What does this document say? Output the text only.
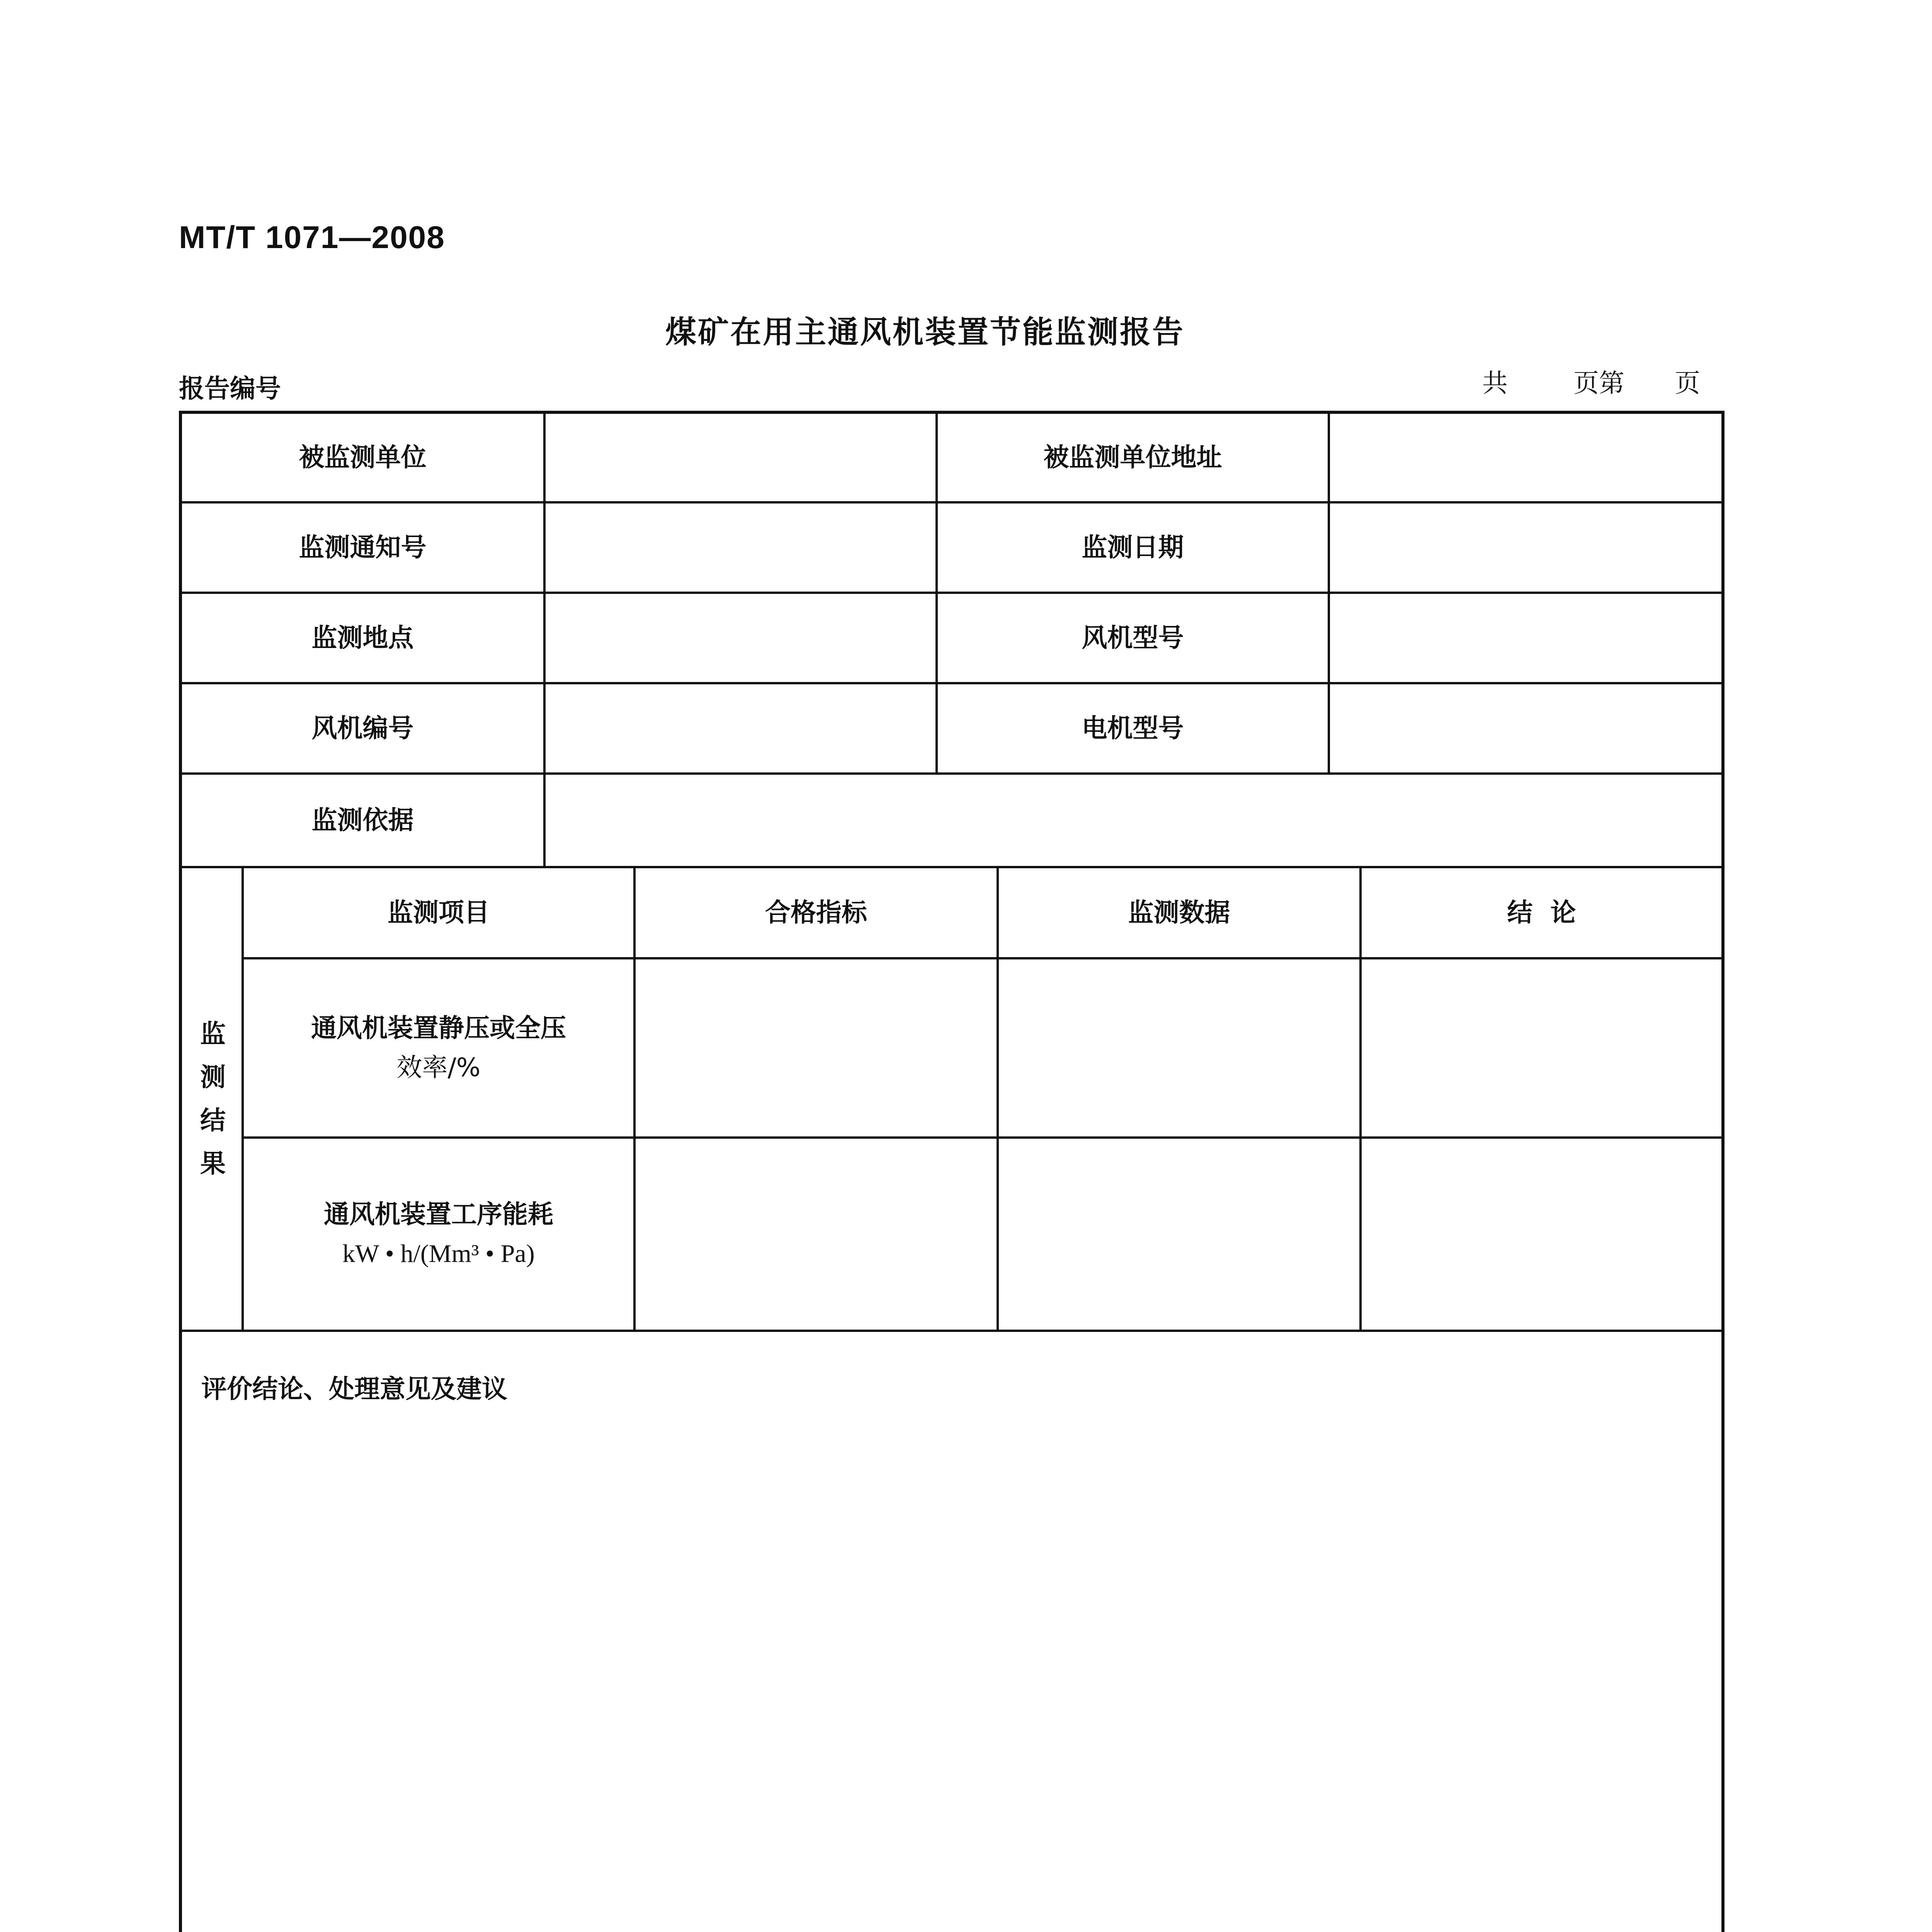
MT/T 1071—2008
煤矿在用主通风机装置节能监测报告
报告编号	共	页第 页
被监测单位	被监测单位地址
监测通知号	监测日期
监测地点	风机型号
风机编号	电机型号
监测依据
监
测
结
果
监测项目	合格指标	监测数据	结  论
通风机装置静压或全压
效率/%
通风机装置工序能耗
kW • h/(Mm³ • Pa)
评价结论、处理意见及建议
